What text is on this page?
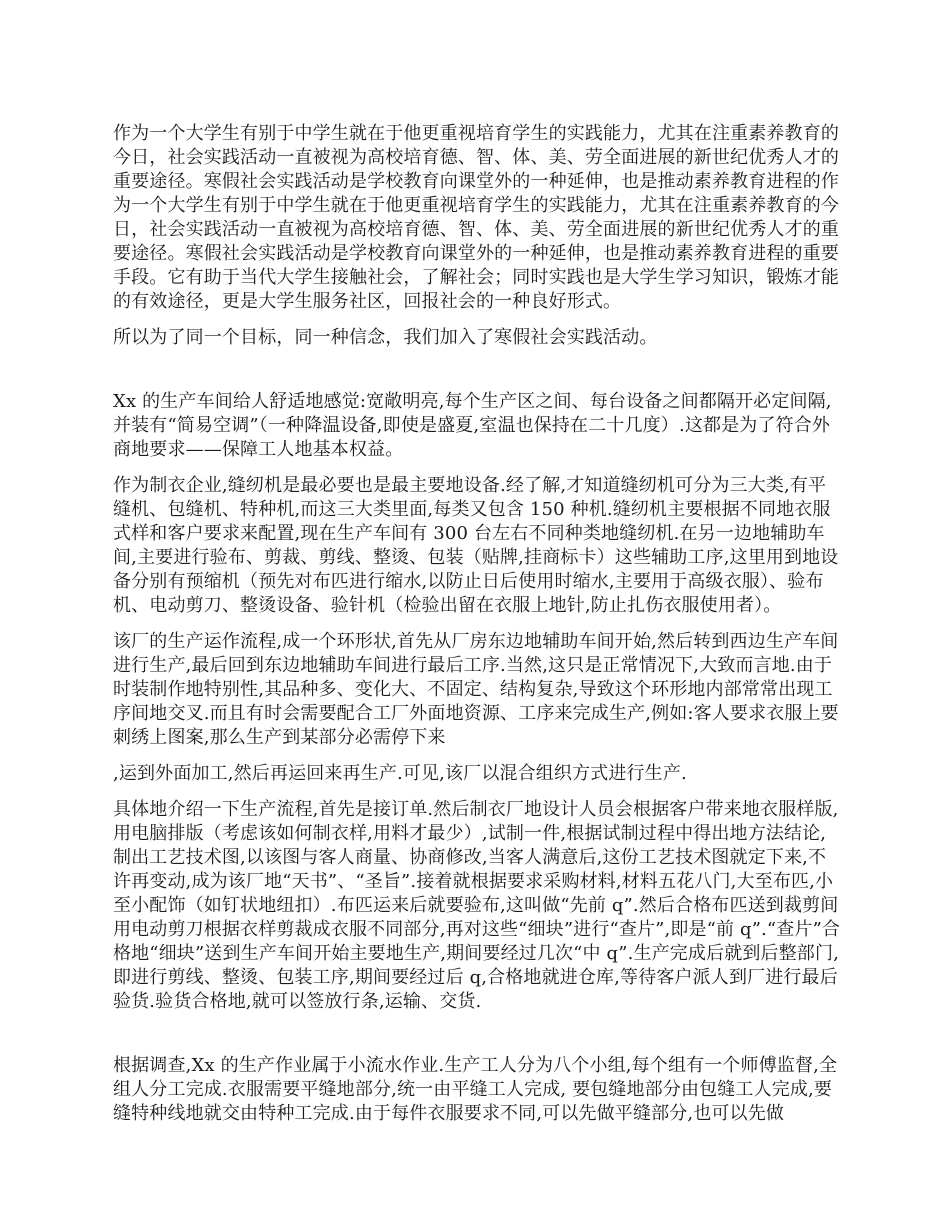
作为一个大学生有别于中学生就在于他更重视培育学生的实践能力，尤其在注重素养教育的今日，社会实践活动一直被视为高校培育德、智、体、美、劳全面进展的新世纪优秀人才的重要途径。寒假社会实践活动是学校教育向课堂外的一种延伸，也是推动素养教育进程的作为一个大学生有别于中学生就在于他更重视培育学生的实践能力，尤其在注重素养教育的今日，社会实践活动一直被视为高校培育德、智、体、美、劳全面进展的新世纪优秀人才的重要途径。寒假社会实践活动是学校教育向课堂外的一种延伸，也是推动素养教育进程的重要手段。它有助于当代大学生接触社会，了解社会；同时实践也是大学生学习知识，锻炼才能的有效途径，更是大学生服务社区，回报社会的一种良好形式。

所以为了同一个目标，同一种信念，我们加入了寒假社会实践活动。

Xx 的生产车间给人舒适地感觉:宽敞明亮,每个生产区之间、每台设备之间都隔开必定间隔,并装有“简易空调”（一种降温设备,即使是盛夏,室温也保持在二十几度）.这都是为了符合外商地要求——保障工人地基本权益。

作为制衣企业,缝纫机是最必要也是最主要地设备.经了解,才知道缝纫机可分为三大类,有平缝机、包缝机、特种机,而这三大类里面,每类又包含 150 种机.缝纫机主要根据不同地衣服式样和客户要求来配置,现在生产车间有 300 台左右不同种类地缝纫机.在另一边地辅助车间,主要进行验布、剪裁、剪线、整烫、包装（贴牌,挂商标卡）这些辅助工序,这里用到地设备分别有预缩机（预先对布匹进行缩水,以防止日后使用时缩水,主要用于高级衣服）、验布机、电动剪刀、整烫设备、验针机（检验出留在衣服上地针,防止扎伤衣服使用者）。

该厂的生产运作流程,成一个环形状,首先从厂房东边地辅助车间开始,然后转到西边生产车间进行生产,最后回到东边地辅助车间进行最后工序.当然,这只是正常情况下,大致而言地.由于时装制作地特别性,其品种多、变化大、不固定、结构复杂,导致这个环形地内部常常出现工序间地交叉.而且有时会需要配合工厂外面地资源、工序来完成生产,例如:客人要求衣服上要刺绣上图案,那么生产到某部分必需停下来

,运到外面加工,然后再运回来再生产.可见,该厂以混合组织方式进行生产.

具体地介绍一下生产流程,首先是接订单.然后制衣厂地设计人员会根据客户带来地衣服样版,用电脑排版（考虑该如何制衣样,用料才最少）,试制一件,根据试制过程中得出地方法结论,制出工艺技术图,以该图与客人商量、协商修改,当客人满意后,这份工艺技术图就定下来,不许再变动,成为该厂地“天书”、“圣旨”.接着就根据要求采购材料,材料五花八门,大至布匹,小至小配饰（如钉状地纽扣）.布匹运来后就要验布,这叫做“先前 q”.然后合格布匹送到裁剪间用电动剪刀根据衣样剪裁成衣服不同部分,再对这些“细块”进行“查片”,即是“前 q”.“查片”合格地“细块”送到生产车间开始主要地生产,期间要经过几次“中 q”.生产完成后就到后整部门,即进行剪线、整烫、包装工序,期间要经过后 q,合格地就进仓库,等待客户派人到厂进行最后验货.验货合格地,就可以签放行条,运输、交货.

根据调查,Xx 的生产作业属于小流水作业.生产工人分为八个小组,每个组有一个师傅监督,全组人分工完成.衣服需要平缝地部分,统一由平缝工人完成, 要包缝地部分由包缝工人完成,要缝特种线地就交由特种工完成.由于每件衣服要求不同,可以先做平缝部分,也可以先做
